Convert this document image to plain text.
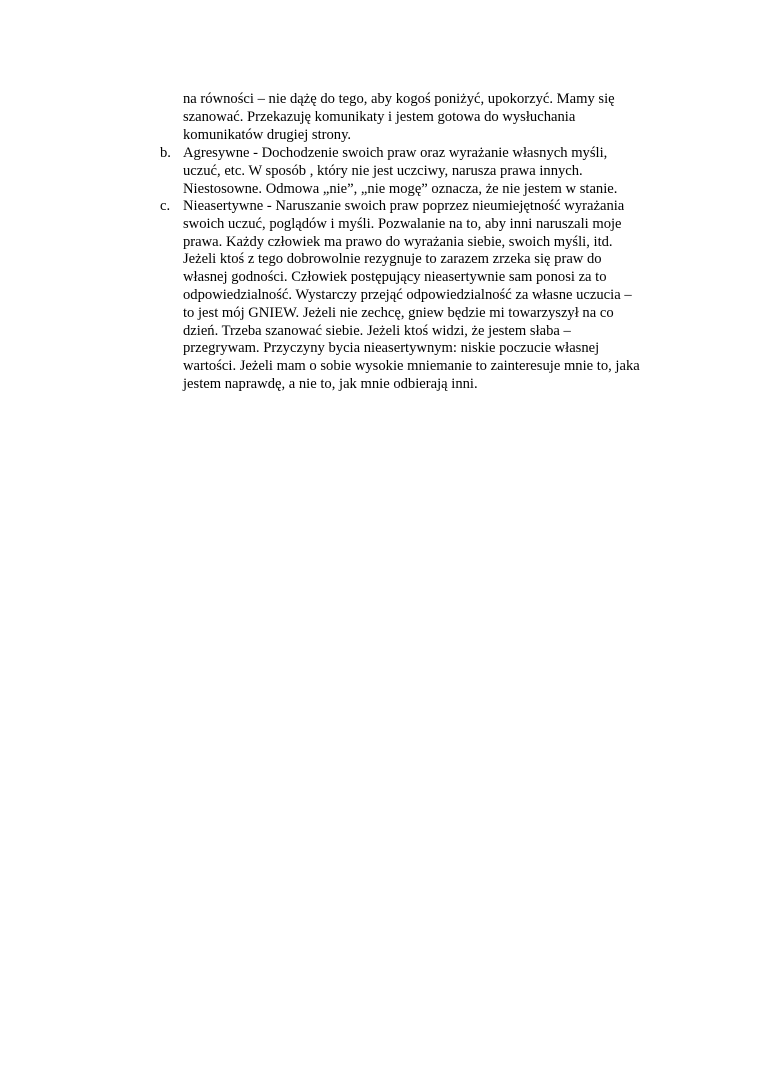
na równości – nie dążę do tego, aby kogoś poniżyć, upokorzyć. Mamy się
szanować. Przekazuję komunikaty i jestem gotowa do wysłuchania
komunikatów drugiej strony.
b. Agresywne - Dochodzenie swoich praw oraz wyrażanie własnych myśli,
uczuć, etc. W sposób , który nie jest uczciwy, narusza prawa innych.
Niestosowne. Odmowa „nie”, „nie mogę” oznacza, że nie jestem w stanie.
c. Nieasertywne - Naruszanie swoich praw poprzez nieumiejętność wyrażania
swoich uczuć, poglądów i myśli. Pozwalanie na to, aby inni naruszali moje
prawa. Każdy człowiek ma prawo do wyrażania siebie, swoich myśli, itd.
Jeżeli ktoś z tego dobrowolnie rezygnuje to zarazem zrzeka się praw do
własnej godności. Człowiek postępujący nieasertywnie sam ponosi za to
odpowiedzialność. Wystarczy przejąć odpowiedzialność za własne uczucia –
to jest mój GNIEW. Jeżeli nie zechcę, gniew będzie mi towarzyszył na co
dzień. Trzeba szanować siebie. Jeżeli ktoś widzi, że jestem słaba –
przegrywam. Przyczyny bycia nieasertywnym: niskie poczucie własnej
wartości. Jeżeli mam o sobie wysokie mniemanie to zainteresuje mnie to, jaka
jestem naprawdę, a nie to, jak mnie odbierają inni.
